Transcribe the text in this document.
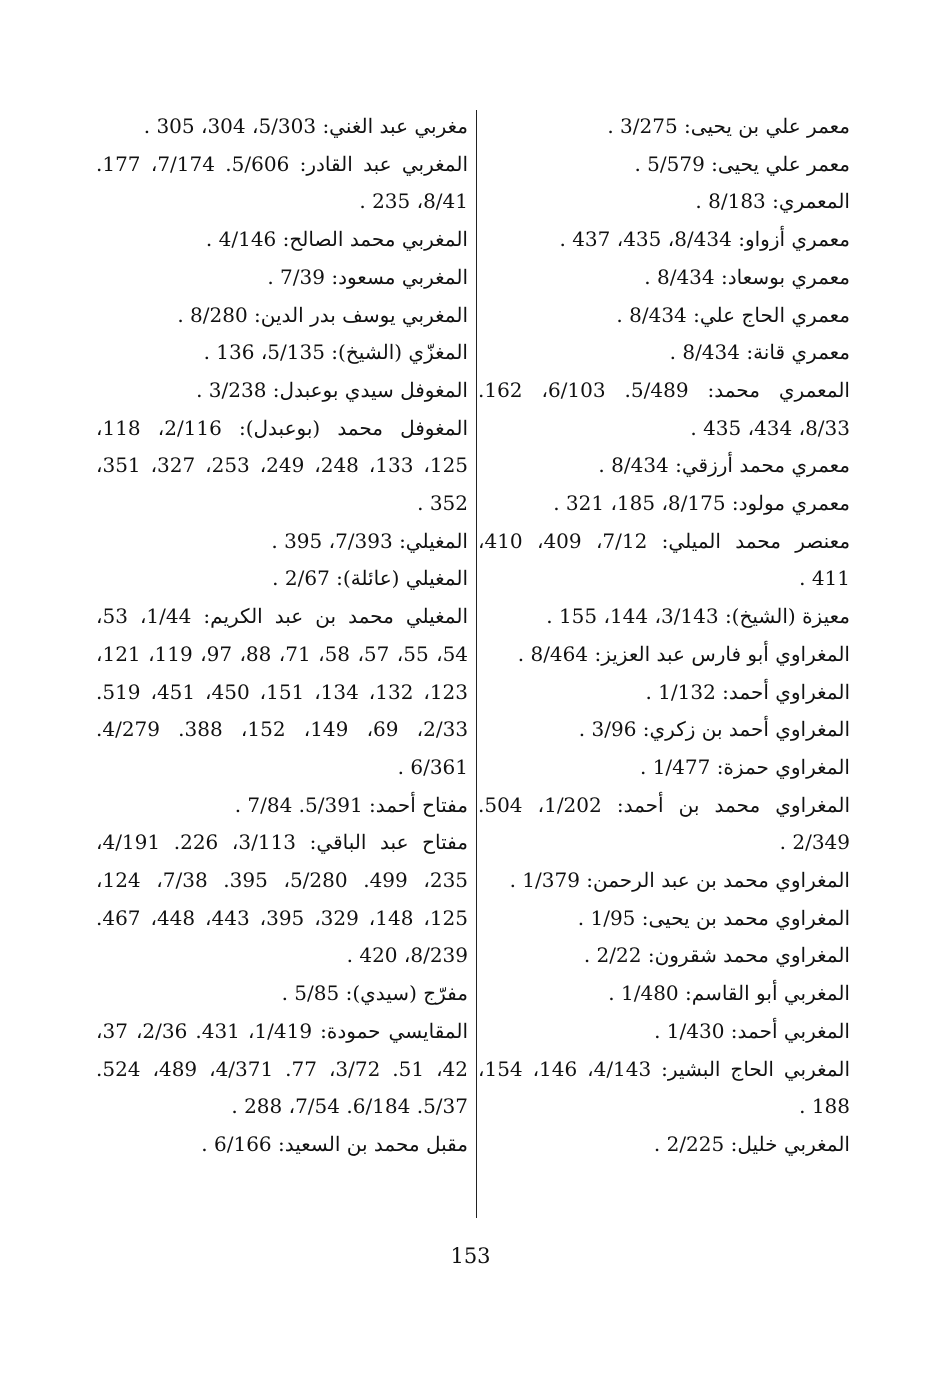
معمر علي بن يحيى: 3/275 .

معمر علي يحيى: 5/579 .

المعمري: 8/183 .

معمري أزواو: 8/434، 435، 437 .

معمري بوسعاد: 8/434 .

معمري الحاج علي: 8/434 .

معمري قانة: 8/434 .

المعمري محمد: 5/489. 6/103، 162. 8/33، 434، 435 .

معمري محمد أرزقي: 8/434 .

معمري مولود: 8/175، 185، 321 .

معنصر محمد الميلي: 7/12، 409، 410، 411 .

معيزة (الشيخ): 3/143، 144، 155 .

المغراوي أبو فارس عبد العزيز: 8/464 .

المغراوي أحمد: 1/132 .

المغراوي أحمد بن زكري: 3/96 .

المغراوي حمزة: 1/477 .

المغراوي محمد بن أحمد: 1/202، 504. 2/349 .

المغراوي محمد بن عبد الرحمن: 1/379 .

المغراوي محمد بن يحيى: 1/95 .

المغراوي محمد شقرون: 2/22 .

المغربي أبو القاسم: 1/480 .

المغربي أحمد: 1/430 .

المغربي الحاج البشير: 4/143، 146، 154، 188 .

المغربي خليل: 2/225 .

مغربي عبد الغني: 5/303، 304، 305 .

المغربي عبد القادر: 5/606. 7/174، 177. 8/41، 235 .

المغربي محمد الصالح: 4/146 .

المغربي مسعود: 7/39 .

المغربي يوسف بدر الدين: 8/280 .

المغزّي (الشيخ): 5/135، 136 .

المغوفل سيدي بوعبدل: 3/238 .

المغوفل محمد (بوعبدل): 2/116، 118، 125، 133، 248، 249، 253، 327، 351، 352 .

المغيلي: 7/393، 395 .

المغيلي (عائلة): 2/67 .

المغيلي محمد بن عبد الكريم: 1/44، 53، 54، 55، 57، 58، 71، 88، 97، 119، 121، 123، 132، 134، 151، 450، 451، 519. 2/33، 69، 149، 152، 388. 4/279. 6/361 .

مفتاح أحمد: 5/391. 7/84 .

مفتاح عبد الباقي: 3/113، 226. 4/191، 235، 499. 5/280، 395. 7/38، 124، 125، 148، 329، 395، 443، 448، 467. 8/239، 420 .

مفرّج (سيدي): 5/85 .

المقايسي حمودة: 1/419، 431. 2/36، 37، 42، 51. 3/72، 77. 4/371، 489، 524. 5/37. 6/184. 7/54، 288 .

مقبل محمد بن السعيد: 6/166 .

153
